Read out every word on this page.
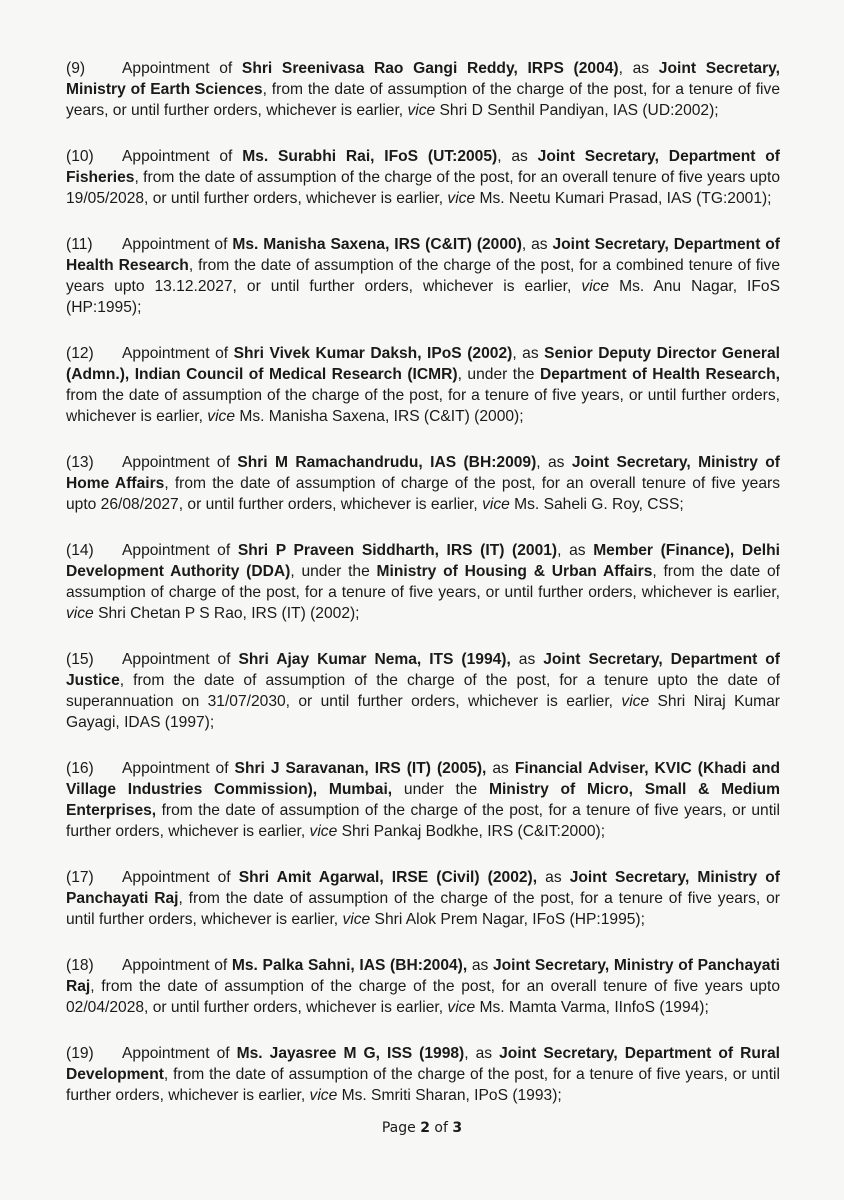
(9) Appointment of Shri Sreenivasa Rao Gangi Reddy, IRPS (2004), as Joint Secretary, Ministry of Earth Sciences, from the date of assumption of the charge of the post, for a tenure of five years, or until further orders, whichever is earlier, vice Shri D Senthil Pandiyan, IAS (UD:2002);

(10) Appointment of Ms. Surabhi Rai, IFoS (UT:2005), as Joint Secretary, Department of Fisheries, from the date of assumption of the charge of the post, for an overall tenure of five years upto 19/05/2028, or until further orders, whichever is earlier, vice Ms. Neetu Kumari Prasad, IAS (TG:2001);

(11) Appointment of Ms. Manisha Saxena, IRS (C&IT) (2000), as Joint Secretary, Department of Health Research, from the date of assumption of the charge of the post, for a combined tenure of five years upto 13.12.2027, or until further orders, whichever is earlier, vice Ms. Anu Nagar, IFoS (HP:1995);

(12) Appointment of Shri Vivek Kumar Daksh, IPoS (2002), as Senior Deputy Director General (Admn.), Indian Council of Medical Research (ICMR), under the Department of Health Research, from the date of assumption of the charge of the post, for a tenure of five years, or until further orders, whichever is earlier, vice Ms. Manisha Saxena, IRS (C&IT) (2000);

(13) Appointment of Shri M Ramachandrudu, IAS (BH:2009), as Joint Secretary, Ministry of Home Affairs, from the date of assumption of charge of the post, for an overall tenure of five years upto 26/08/2027, or until further orders, whichever is earlier, vice Ms. Saheli G. Roy, CSS;

(14) Appointment of Shri P Praveen Siddharth, IRS (IT) (2001), as Member (Finance), Delhi Development Authority (DDA), under the Ministry of Housing & Urban Affairs, from the date of assumption of charge of the post, for a tenure of five years, or until further orders, whichever is earlier, vice Shri Chetan P S Rao, IRS (IT) (2002);

(15) Appointment of Shri Ajay Kumar Nema, ITS (1994), as Joint Secretary, Department of Justice, from the date of assumption of the charge of the post, for a tenure upto the date of superannuation on 31/07/2030, or until further orders, whichever is earlier, vice Shri Niraj Kumar Gayagi, IDAS (1997);

(16) Appointment of Shri J Saravanan, IRS (IT) (2005), as Financial Adviser, KVIC (Khadi and Village Industries Commission), Mumbai, under the Ministry of Micro, Small & Medium Enterprises, from the date of assumption of the charge of the post, for a tenure of five years, or until further orders, whichever is earlier, vice Shri Pankaj Bodkhe, IRS (C&IT:2000);

(17) Appointment of Shri Amit Agarwal, IRSE (Civil) (2002), as Joint Secretary, Ministry of Panchayati Raj, from the date of assumption of the charge of the post, for a tenure of five years, or until further orders, whichever is earlier, vice Shri Alok Prem Nagar, IFoS (HP:1995);

(18) Appointment of Ms. Palka Sahni, IAS (BH:2004), as Joint Secretary, Ministry of Panchayati Raj, from the date of assumption of the charge of the post, for an overall tenure of five years upto 02/04/2028, or until further orders, whichever is earlier, vice Ms. Mamta Varma, IInfoS (1994);

(19) Appointment of Ms. Jayasree M G, ISS (1998), as Joint Secretary, Department of Rural Development, from the date of assumption of the charge of the post, for a tenure of five years, or until further orders, whichever is earlier, vice Ms. Smriti Sharan, IPoS (1993);

Page 2 of 3
